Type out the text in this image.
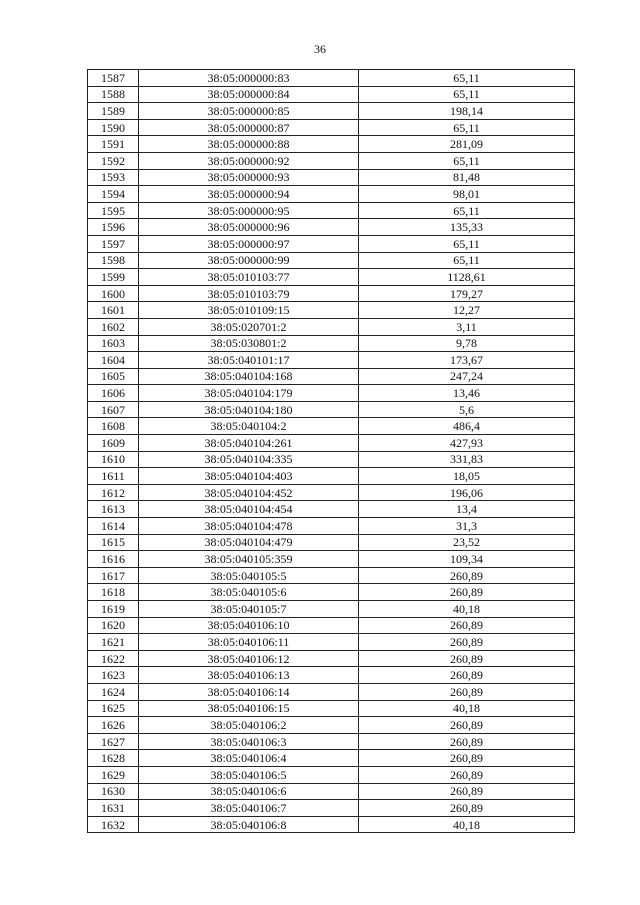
36
1587	38:05:000000:83	65,11
1588	38:05:000000:84	65,11
1589	38:05:000000:85	198,14
1590	38:05:000000:87	65,11
1591	38:05:000000:88	281,09
1592	38:05:000000:92	65,11
1593	38:05:000000:93	81,48
1594	38:05:000000:94	98,01
1595	38:05:000000:95	65,11
1596	38:05:000000:96	135,33
1597	38:05:000000:97	65,11
1598	38:05:000000:99	65,11
1599	38:05:010103:77	1128,61
1600	38:05:010103:79	179,27
1601	38:05:010109:15	12,27
1602	38:05:020701:2	3,11
1603	38:05:030801:2	9,78
1604	38:05:040101:17	173,67
1605	38:05:040104:168	247,24
1606	38:05:040104:179	13,46
1607	38:05:040104:180	5,6
1608	38:05:040104:2	486,4
1609	38:05:040104:261	427,93
1610	38:05:040104:335	331,83
1611	38:05:040104:403	18,05
1612	38:05:040104:452	196,06
1613	38:05:040104:454	13,4
1614	38:05:040104:478	31,3
1615	38:05:040104:479	23,52
1616	38:05:040105:359	109,34
1617	38:05:040105:5	260,89
1618	38:05:040105:6	260,89
1619	38:05:040105:7	40,18
1620	38:05:040106:10	260,89
1621	38:05:040106:11	260,89
1622	38:05:040106:12	260,89
1623	38:05:040106:13	260,89
1624	38:05:040106:14	260,89
1625	38:05:040106:15	40,18
1626	38:05:040106:2	260,89
1627	38:05:040106:3	260,89
1628	38:05:040106:4	260,89
1629	38:05:040106:5	260,89
1630	38:05:040106:6	260,89
1631	38:05:040106:7	260,89
1632	38:05:040106:8	40,18
